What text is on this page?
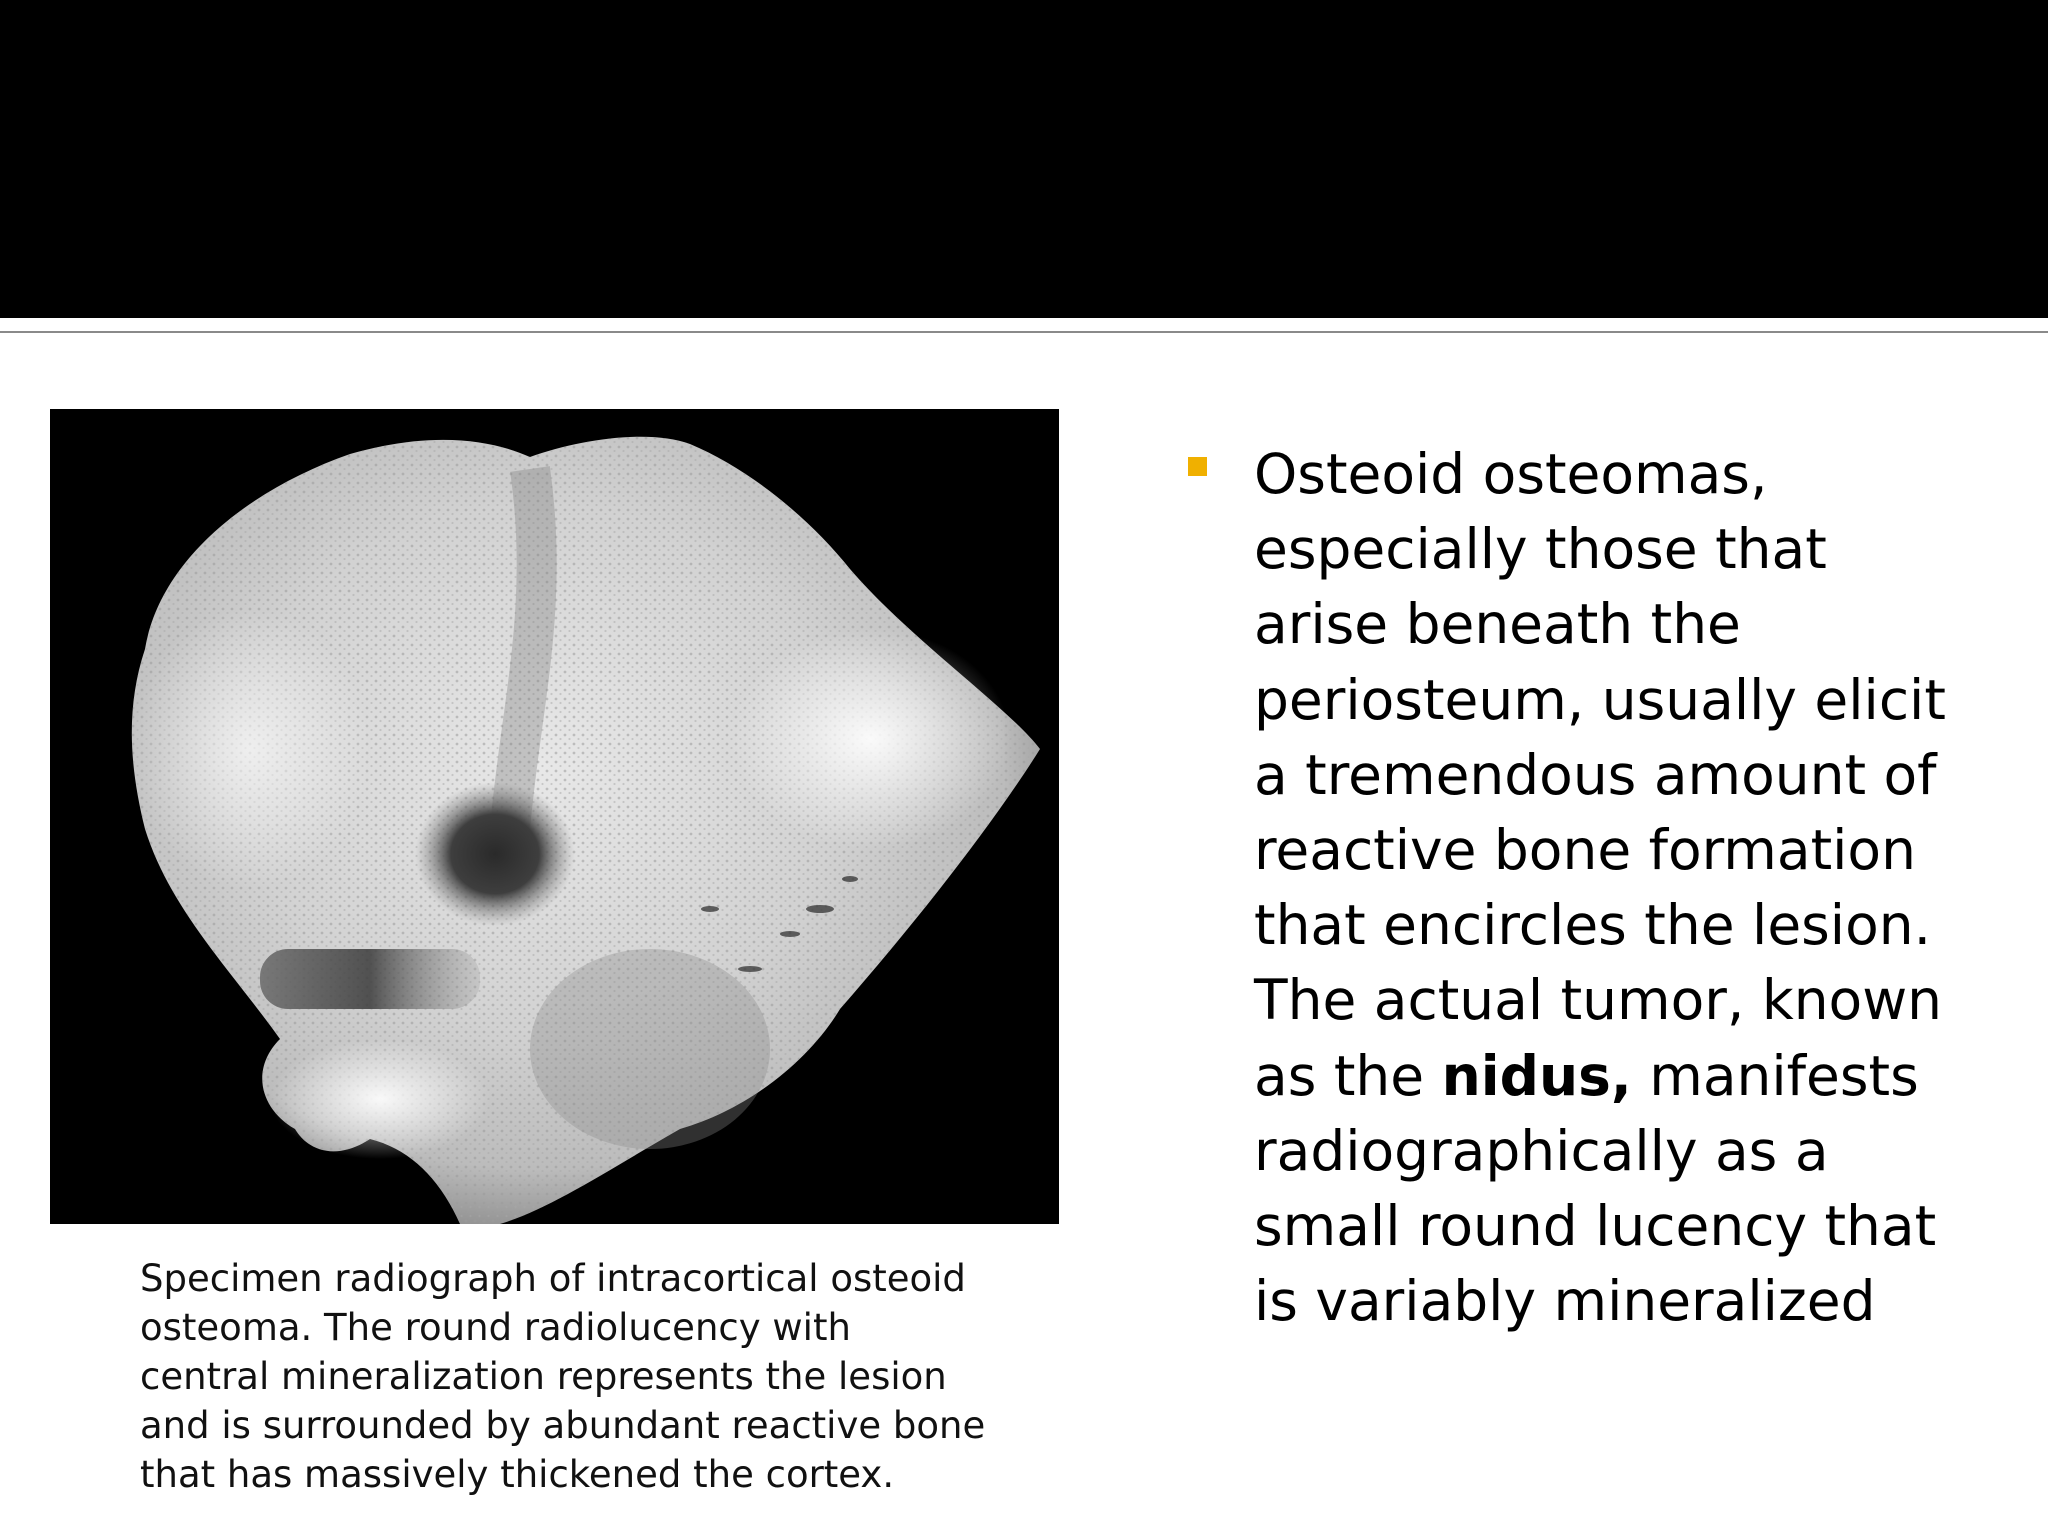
Specimen radiograph of intracortical osteoid
osteoma. The round radiolucency with
central mineralization represents the lesion
and is surrounded by abundant reactive bone
that has massively thickened the cortex.

Osteoid osteomas,
especially those that
arise beneath the
periosteum, usually elicit
a tremendous amount of
reactive bone formation
that encircles the lesion.
The actual tumor, known
as the nidus, manifests
radiographically as a
small round lucency that
is variably mineralized
